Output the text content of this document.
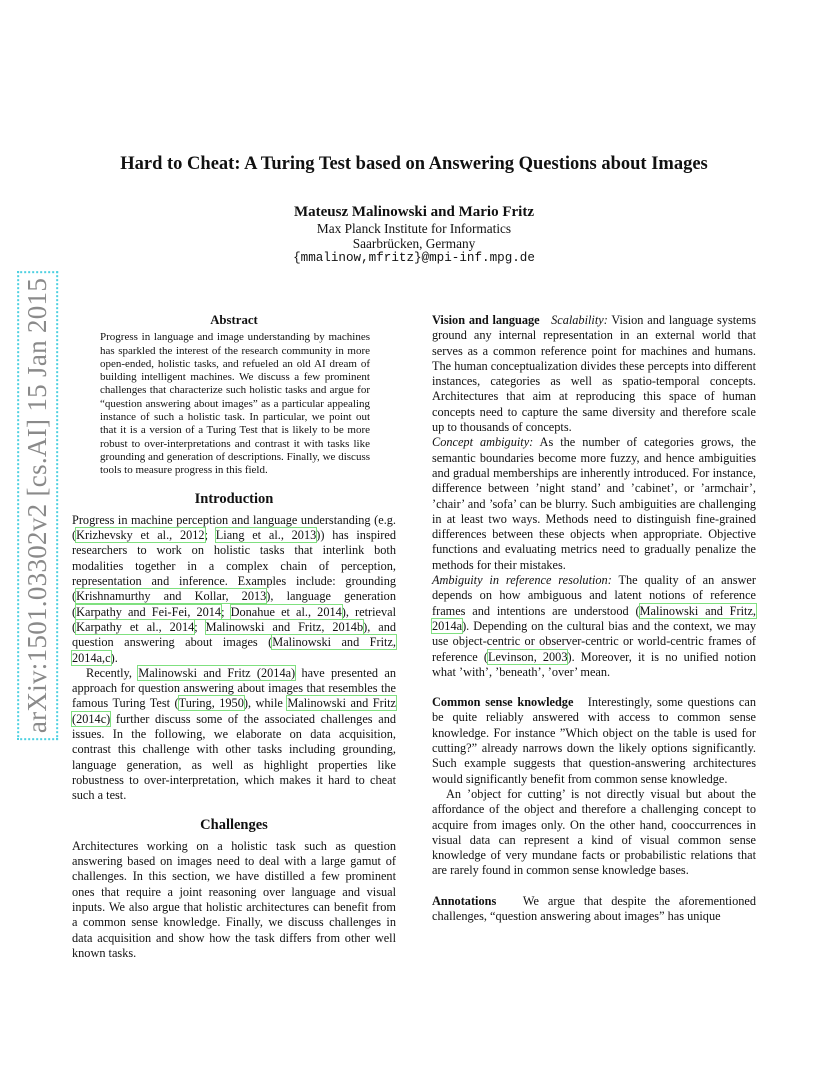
arXiv:1501.03302v2 [cs.AI] 15 Jan 2015
Hard to Cheat: A Turing Test based on Answering Questions about Images
Mateusz Malinowski and Mario Fritz
Max Planck Institute for Informatics
Saarbrücken, Germany
{mmalinow,mfritz}@mpi-inf.mpg.de
Abstract

Progress in language and image understanding by machines has sparkled the interest of the research community in more open-ended, holistic tasks, and refueled an old AI dream of building intelligent machines. We discuss a few prominent challenges that characterize such holistic tasks and argue for “question answering about images” as a particular appealing instance of such a holistic task. In particular, we point out that it is a version of a Turing Test that is likely to be more robust to over-interpretations and contrast it with tasks like grounding and generation of descriptions. Finally, we discuss tools to measure progress in this field.

Introduction

Progress in machine perception and language understanding (e.g. (Krizhevsky et al., 2012; Liang et al., 2013)) has inspired researchers to work on holistic tasks that interlink both modalities together in a complex chain of perception, representation and inference. Examples include: grounding (Krishnamurthy and Kollar, 2013), language generation (Karpathy and Fei-Fei, 2014; Donahue et al., 2014), retrieval (Karpathy et al., 2014; Malinowski and Fritz, 2014b), and question answering about images (Malinowski and Fritz, 2014a,c).

Recently, Malinowski and Fritz (2014a) have presented an approach for question answering about images that resembles the famous Turing Test (Turing, 1950), while Malinowski and Fritz (2014c) further discuss some of the associated challenges and issues. In the following, we elaborate on data acquisition, contrast this challenge with other tasks including grounding, language generation, as well as highlight properties like robustness to over-interpretation, which makes it hard to cheat such a test.

Challenges

Architectures working on a holistic task such as question answering based on images need to deal with a large gamut of challenges. In this section, we have distilled a few prominent ones that require a joint reasoning over language and visual inputs. We also argue that holistic architectures can benefit from a common sense knowledge. Finally, we discuss challenges in data acquisition and show how the task differs from other well known tasks.

Vision and language Scalability: Vision and language systems ground any internal representation in an external world that serves as a common reference point for machines and humans. The human conceptualization divides these percepts into different instances, categories as well as spatio-temporal concepts. Architectures that aim at reproducing this space of human concepts need to capture the same diversity and therefore scale up to thousands of concepts.

Concept ambiguity: As the number of categories grows, the semantic boundaries become more fuzzy, and hence ambiguities and gradual memberships are inherently introduced. For instance, difference between ’night stand’ and ’cabinet’, or ’armchair’, ’chair’ and ’sofa’ can be blurry. Such ambiguities are challenging in at least two ways. Methods need to distinguish fine-grained differences between these objects when appropriate. Objective functions and evaluating metrics need to gradually penalize the methods for their mistakes.

Ambiguity in reference resolution: The quality of an answer depends on how ambiguous and latent notions of reference frames and intentions are understood (Malinowski and Fritz, 2014a). Depending on the cultural bias and the context, we may use object-centric or observer-centric or world-centric frames of reference (Levinson, 2003). Moreover, it is no unified notion what ’with’, ’beneath’, ’over’ mean.

Common sense knowledge Interestingly, some questions can be quite reliably answered with access to common sense knowledge. For instance ”Which object on the table is used for cutting?” already narrows down the likely options significantly. Such example suggests that question-answering architectures would significantly benefit from common sense knowledge.

An ’object for cutting’ is not directly visual but about the affordance of the object and therefore a challenging concept to acquire from images only. On the other hand, cooccurrences in visual data can represent a kind of visual common sense knowledge of very mundane facts or probabilistic relations that are rarely found in common sense knowledge bases.

Annotations We argue that despite the aforementioned challenges, “question answering about images” has unique
